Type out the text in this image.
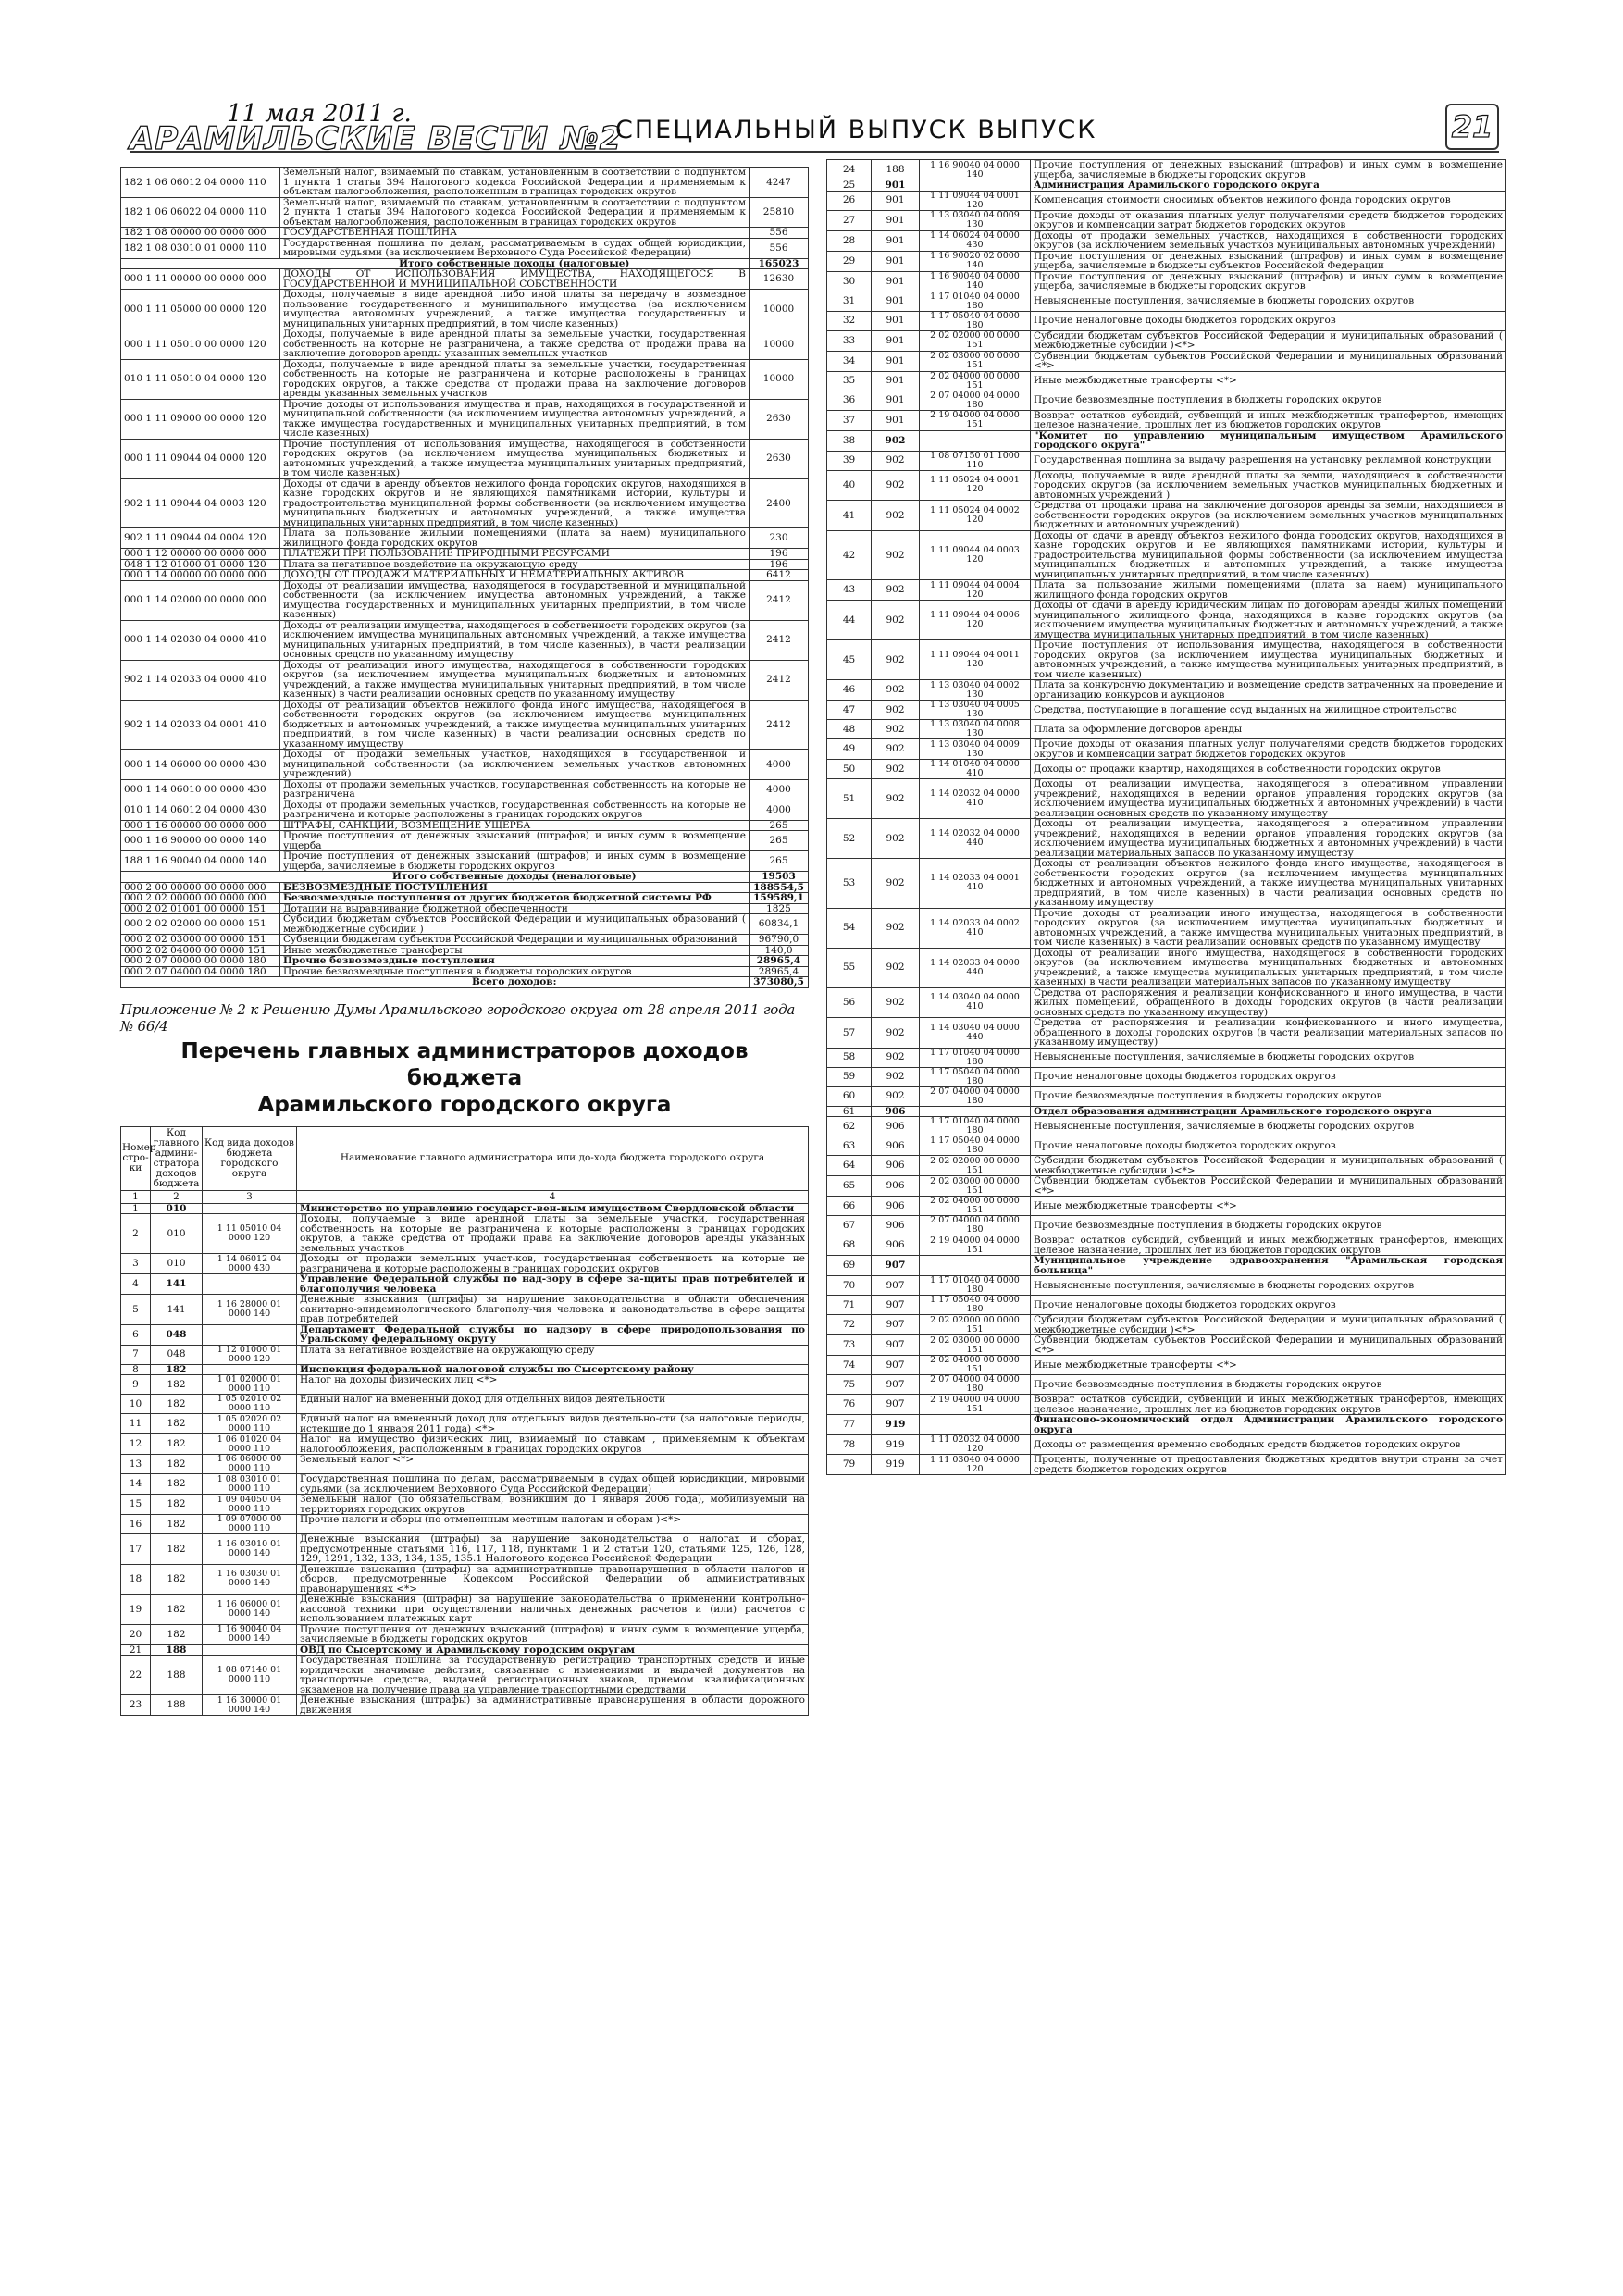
11 мая 2011 г.
АРАМИЛЬСКИЕ ВЕСТИ №2
СПЕЦИАЛЬНЫЙ ВЫПУСК ВЫПУСК	21
182 1 06 06012 04 0000 110	Земельный налог, взимаемый по ставкам, установленным в соответствии с подпунктом 1 пункта 1 статьи 394 Налогового кодекса Российской Федерации и применяемым к объектам налогообложения, расположенным в границах городских округов	4247
182 1 06 06022 04 0000 110	Земельный налог, взимаемый по ставкам, установленным в соответствии с подпунктом 2 пункта 1 статьи 394 Налогового кодекса Российской Федерации и применяемым к объектам налогообложения, расположенным в границах городских округов	25810
182 1 08 00000 00 0000 000	ГОСУДАРСТВЕННАЯ ПОШЛИНА	556
182 1 08 03010 01 0000 110	Государственная пошлина по делам, рассматриваемым в судах общей юрисдикции, мировыми судьями (за исключением Верховного Суда Российской Федерации)	556
	Итого собственные доходы (налоговые)	165023
000 1 11 00000 00 0000 000	ДОХОДЫ ОТ ИСПОЛЬЗОВАНИЯ ИМУЩЕСТВА, НАХОДЯЩЕГОСЯ В ГОСУДАРСТВЕННОЙ И МУНИЦИПАЛЬНОЙ СОБСТВЕННОСТИ	12630
000 1 11 05000 00 0000 120	Доходы, получаемые в виде арендной либо иной платы за передачу в возмездное пользование государственного и муниципального имущества (за исключением имущества автономных учреждений, а также имущества государственных и муниципальных унитарных предприятий, в том числе казенных)	10000
000 1 11 05010 00 0000 120	Доходы, получаемые в виде арендной платы за земельные участки, государственная собственность на которые не разграничена, а также средства от продажи права на заключение договоров аренды указанных земельных участков	10000
010 1 11 05010 04 0000 120	Доходы, получаемые в виде арендной платы за земельные участки, государственная собственность на которые не разграничена и которые расположены в границах городских округов, а также средства от продажи права на заключение договоров аренды указанных земельных участков	10000
000 1 11 09000 00 0000 120	Прочие доходы от использования имущества и прав, находящихся в государственной и муниципальной собственности (за исключением имущества автономных учреждений, а также имущества государственных и муниципальных унитарных предприятий, в том числе казенных)	2630
000 1 11 09044 04 0000 120	Прочие поступления от использования имущества, находящегося в собственности городских округов (за исключением имущества муниципальных бюджетных и автономных учреждений, а также имущества муниципальных унитарных предприятий, в том числе казенных)	2630
902 1 11 09044 04 0003 120	Доходы от сдачи в аренду объектов нежилого фонда городских округов, находящихся в казне городских округов и не являющихся памятниками истории, культуры и градостроительства муниципальной формы собственности (за исключением имущества муниципальных бюджетных и автономных учреждений, а также имущества муниципальных унитарных предприятий, в том числе казенных)	2400
902 1 11 09044 04 0004 120	Плата за пользование жилыми помещениями (плата за наем) муниципального жилищного фонда городских округов	230
000 1 12 00000 00 0000 000	ПЛАТЕЖИ ПРИ ПОЛЬЗОВАНИЕ ПРИРОДНЫМИ РЕСУРСАМИ	196
048 1 12 01000 01 0000 120	Плата за негативное воздействие на окружающую среду	196
000 1 14 00000 00 0000 000	ДОХОДЫ ОТ ПРОДАЖИ МАТЕРИАЛЬНЫХ И НЕМАТЕРИАЛЬНЫХ АКТИВОВ	6412
000 1 14 02000 00 0000 000	Доходы от реализации имущества, находящегося в государственной и муниципальной собственности (за исключением имущества автономных учреждений, а также имущества государственных и муниципальных унитарных предприятий, в том числе казенных)	2412
000 1 14 02030 04 0000 410	Доходы от реализации имущества, находящегося в собственности городских округов (за исключением имущества муниципальных автономных учреждений, а также имущества муниципальных унитарных предприятий, в том числе казенных), в части реализации основных средств по указанному имуществу	2412
902 1 14 02033 04 0000 410	Доходы от реализации иного имущества, находящегося в собственности городских округов (за исключением имущества муниципальных бюджетных и автономных учреждений, а также имущества муниципальных унитарных предприятий, в том числе казенных) в части реализации основных средств по указанному имуществу	2412
902 1 14 02033 04 0001 410	Доходы от реализации объектов нежилого фонда иного имущества, находящегося в собственности городских округов (за исключением имущества муниципальных бюджетных и автономных учреждений, а также имущества муниципальных унитарных предприятий, в том числе казенных) в части реализации основных средств по указанному имуществу	2412
000 1 14 06000 00 0000 430	Доходы от продажи земельных участков, находящихся в государственной и муниципальной собственности (за исключением земельных участков автономных учреждений)	4000
000 1 14 06010 00 0000 430	Доходы от продажи земельных участков, государственная собственность на которые не разграничена	4000
010 1 14 06012 04 0000 430	Доходы от продажи земельных участков, государственная собственность на которые не разграничена и которые расположены в границах городских округов	4000
000 1 16 00000 00 0000 000	ШТРАФЫ, САНКЦИИ, ВОЗМЕЩЕНИЕ УЩЕРБА	265
000 1 16 90000 00 0000 140	Прочие поступления от денежных взысканий (штрафов) и иных сумм в возмещение ущерба	265
188 1 16 90040 04 0000 140	Прочие поступления от денежных взысканий (штрафов) и иных сумм в возмещение ущерба, зачисляемые в бюджеты городских округов	265
	Итого собственные доходы (неналоговые)	19503
000 2 00 00000 00 0000 000	БЕЗВОЗМЕЗДНЫЕ ПОСТУПЛЕНИЯ	188554,5
000 2 02 00000 00 0000 000	Безвозмездные поступления от других бюджетов бюджетной системы РФ	159589,1
000 2 02 01001 00 0000 151	Дотации на выравнивание бюджетной обеспеченности	1825
000 2 02 02000 00 0000 151	Субсидии бюджетам субъектов Российской Федерации и муниципальных образований ( межбюджетные субсидии )	60834,1
000 2 02 03000 00 0000 151	Субвенции бюджетам субъектов Российской Федерации и муниципальных образований	96790,0
000 2 02 04000 00 0000 151	Иные межбюджетные трансферты	140,0
000 2 07 00000 00 0000 180	Прочие безвозмездные поступления	28965,4
000 2 07 04000 04 0000 180	Прочие безвозмездные поступления в бюджеты городских округов	28965,4
	Всего доходов:	373080,5
Приложение № 2 к Решению Думы Арамильского городского округа от 28 апреля 2011 года № 66/4
Перечень главных администраторов доходов бюджета
Арамильского городского округа
Номер стро-ки	Код главного админи-стратора доходов бюджета	Код вида доходов бюджета городского округа	Наименование главного администратора или до-хода бюджета городского округа
1	2	3	4
1	010		Министерство по управлению государст-вен-ным имуществом Свердловской области
2	010	1 11 05010 04 0000 120	Доходы, получаемые в виде арендной платы за земельные участки, государственная собственность на которые не разграничена и которые расположены в границах городских округов, а также средства от продажи права на заключение договоров аренды указанных земельных участков
3	010	1 14 06012 04 0000 430	Доходы от продажи земельных участ-ков, государственная собственность на которые не разграничена и которые расположены в границах городских округов
4	141		Управление Федеральной службы по над-зору в сфере за-щиты прав потребителей и благополучия человека
5	141	1 16 28000 01 0000 140	Денежные взыскания (штрафы) за нарушение законодательства в области обеспечения санитарно-эпидемиологического благополу-чия человека и законодательства в сфере защиты прав потребителей
6	048		Департамент Федеральной службы по надзору в сфере природопользования по Уральскому федеральному округу
7	048	1 12 01000 01 0000 120	Плата за негативное воздействие на окружающую среду
8	182		Инспекция федеральной налоговой службы по Сысертскому району
9	182	1 01 02000 01 0000 110	Налог на доходы физических лиц <*>
10	182	1 05 02010 02 0000 110	Единый налог на вмененный доход для отдельных видов деятельности
11	182	1 05 02020 02 0000 110	Единый налог на вмененный доход для отдельных видов деятельно-сти (за налоговые периоды, истекшие до 1 января 2011 года) <*>
12	182	1 06 01020 04 0000 110	Налог на имущество физических лиц, взимаемый по ставкам , применяемым к объектам налогообложения, расположенным в границах городских округов
13	182	1 06 06000 00 0000 110	Земельный налог <*>
14	182	1 08 03010 01 0000 110	Государственная пошлина по делам, рассматриваемым в судах общей юрисдикции, мировыми судьями (за исключением Верховного Суда Российской Федерации)
15	182	1 09 04050 04 0000 110	Земельный налог (по обязательствам, возникшим до 1 января 2006 года), мобилизуемый на территориях городских округов
16	182	1 09 07000 00 0000 110	Прочие налоги и сборы (по отмененным местным налогам и сборам )<*>
17	182	1 16 03010 01 0000 140	Денежные взыскания (штрафы) за нарушение законодательства о налогах и сборах, предусмотренные статьями 116, 117, 118, пунктами 1 и 2 статьи 120, статьями 125, 126, 128, 129, 1291, 132, 133, 134, 135, 135.1 Налогового кодекса Российской Федерации
18	182	1 16 03030 01 0000 140	Денежные взыскания (штрафы) за административные правонарушения в области налогов и сборов, предусмотренные Кодексом Российской Федерации об административных правонарушениях <*>
19	182	1 16 06000 01 0000 140	Денежные взыскания (штрафы) за нарушение законодательства о применении контрольно-кассовой техники при осуществлении наличных денежных расчетов и (или) расчетов с использованием платежных карт
20	182	1 16 90040 04 0000 140	Прочие поступления от денежных взысканий (штрафов) и иных сумм в возмещение ущерба, зачисляемые в бюджеты городских округов
21	188		ОВД по Сысертскому и Арамильскому городским округам
22	188	1 08 07140 01 0000 110	Государственная пошлина за государственную регистрацию транспортных средств и иные юридически значимые действия, связанные с изменениями и выдачей документов на транспортные средства, выдачей регистрационных знаков, приемом квалификационных экзаменов на получение права на управление транспортными средствами
23	188	1 16 30000 01 0000 140	Денежные взыскания (штрафы) за административные правонарушения в области дорожного движения
24	188	1 16 90040 04 0000 140	Прочие поступления от денежных взысканий (штрафов) и иных сумм в возмещение ущерба, зачисляемые в бюджеты городских округов
25	901		Администрация Арамильского городского округа
26	901	1 11 09044 04 0001 120	Компенсация стоимости сносимых объектов нежилого фонда городских округов
27	901	1 13 03040 04 0009 130	Прочие доходы от оказания платных услуг получателями средств бюджетов городских округов и компенсации затрат бюджетов городских округов
28	901	1 14 06024 04 0000 430	Доходы от продажи земельных участков, находящихся в собственности городских округов (за исключением земельных участков муниципальных автономных учреждений)
29	901	1 16 90020 02 0000 140	Прочие поступления от денежных взысканий (штрафов) и иных сумм в возмещение ущерба, зачисляемые в бюджеты субъектов Российской Федерации
30	901	1 16 90040 04 0000 140	Прочие поступления от денежных взысканий (штрафов) и иных сумм в возмещение ущерба, зачисляемые в бюджеты городских округов
31	901	1 17 01040 04 0000 180	Невыясненные поступления, зачисляемые в бюджеты городских округов
32	901	1 17 05040 04 0000 180	Прочие неналоговые доходы бюджетов городских округов
33	901	2 02 02000 00 0000 151	Субсидии бюджетам субъектов Российской Федерации и муниципальных образований ( межбюджетные субсидии )<*>
34	901	2 02 03000 00 0000 151	Субвенции бюджетам субъектов Российской Федерации и муниципальных образований <*>
35	901	2 02 04000 00 0000 151	Иные межбюджетные трансферты <*>
36	901	2 07 04000 04 0000 180	Прочие безвозмездные поступления в бюджеты городских округов
37	901	2 19 04000 04 0000 151	Возврат остатков субсидий, субвенций и иных межбюджетных трансфертов, имеющих целевое назначение, прошлых лет из бюджетов городских округов
38	902		"Комитет по управлению муниципальным имуществом Арамильского городского округа"
39	902	1 08 07150 01 1000 110	Государственная пошлина за выдачу разрешения на установку рекламной конструкции
40	902	1 11 05024 04 0001 120	Доходы, получаемые в виде арендной платы за земли, находящиеся в собственности городских округов (за исключением земельных участков муниципальных бюджетных и автономных учреждений )
41	902	1 11 05024 04 0002 120	Средства от продажи права на заключение договоров аренды за земли, находящиеся в собственности городских округов (за исключением земельных участков муниципальных бюджетных и автономных учреждений)
42	902	1 11 09044 04 0003 120	Доходы от сдачи в аренду объектов нежилого фонда городских округов, находящихся в казне городских округов и не являющихся памятниками истории, культуры и градостроительства муниципальной формы собственности (за исключением имущества муниципальных бюджетных и автономных учреждений, а также имущества муниципальных унитарных предприятий, в том числе казенных)
43	902	1 11 09044 04 0004 120	Плата за пользование жилыми помещениями (плата за наем) муниципального жилищного фонда городских округов
44	902	1 11 09044 04 0006 120	Доходы от сдачи в аренду юридическим лицам по договорам аренды жилых помещений муниципального жилищного фонда, находящихся в казне городских округов (за исключением имущества муниципальных бюджетных и автономных учреждений, а также имущества муниципальных унитарных предприятий, в том числе казенных)
45	902	1 11 09044 04 0011 120	Прочие поступления от использования имущества, находящегося в собственности городских округов (за исключением имущества муниципальных бюджетных и автономных учреждений, а также имущества муниципальных унитарных предприятий, в том числе казенных)
46	902	1 13 03040 04 0002 130	Плата за конкурсную документацию и возмещение средств затраченных на проведение и организацию конкурсов и аукционов
47	902	1 13 03040 04 0005 130	Средства, поступающие в погашение ссуд выданных на жилищное строительство
48	902	1 13 03040 04 0008 130	Плата за оформление договоров аренды
49	902	1 13 03040 04 0009 130	Прочие доходы от оказания платных услуг получателями средств бюджетов городских округов и компенсации затрат бюджетов городских округов
50	902	1 14 01040 04 0000 410	Доходы от продажи квартир, находящихся в собственности городских округов
51	902	1 14 02032 04 0000 410	Доходы от реализации имущества, находящегося в оперативном управлении учреждений, находящихся в ведении органов управления городских округов (за исключением имущества муниципальных бюджетных и автономных учреждений) в части реализации основных средств по указанному имуществу
52	902	1 14 02032 04 0000 440	Доходы от реализации имущества, находящегося в оперативном управлении учреждений, находящихся в ведении органов управления городских округов (за исключением имущества муниципальных бюджетных и автономных учреждений) в части реализации материальных запасов по указанному имуществу
53	902	1 14 02033 04 0001 410	Доходы от реализации объектов нежилого фонда иного имущества, находящегося в собственности городских округов (за исключением имущества муниципальных бюджетных и автономных учреждений, а также имущества муниципальных унитарных предприятий, в том числе казенных) в части реализации основных средств по указанному имуществу
54	902	1 14 02033 04 0002 410	Прочие доходы от реализации иного имущества, находящегося в собственности городских округов (за исключением имущества муниципальных бюджетных и автономных учреждений, а также имущества муниципальных унитарных предприятий, в том числе казенных) в части реализации основных средств по указанному имуществу
55	902	1 14 02033 04 0000 440	Доходы от реализации иного имущества, находящегося в собственности городских округов (за исключением имущества муниципальных бюджетных и автономных учреждений, а также имущества муниципальных унитарных предприятий, в том числе казенных) в части реализации материальных запасов по указанному имуществу
56	902	1 14 03040 04 0000 410	Средства от распоряжения и реализации конфискованного и иного имущества, в части жилых помещений, обращенного в доходы городских округов (в части реализации основных средств по указанному имуществу)
57	902	1 14 03040 04 0000 440	Средства от распоряжения и реализации конфискованного и иного имущества, обращенного в доходы городских округов (в части реализации материальных запасов по указанному имуществу)
58	902	1 17 01040 04 0000 180	Невыясненные поступления, зачисляемые в бюджеты городских округов
59	902	1 17 05040 04 0000 180	Прочие неналоговые доходы бюджетов городских округов
60	902	2 07 04000 04 0000 180	Прочие безвозмездные поступления в бюджеты городских округов
61	906		Отдел образования администрации Арамильского городского округа
62	906	1 17 01040 04 0000 180	Невыясненные поступления, зачисляемые в бюджеты городских округов
63	906	1 17 05040 04 0000 180	Прочие неналоговые доходы бюджетов городских округов
64	906	2 02 02000 00 0000 151	Субсидии бюджетам субъектов Российской Федерации и муниципальных образований ( межбюджетные субсидии )<*>
65	906	2 02 03000 00 0000 151	Субвенции бюджетам субъектов Российской Федерации и муниципальных образований <*>
66	906	2 02 04000 00 0000 151	Иные межбюджетные трансферты <*>
67	906	2 07 04000 04 0000 180	Прочие безвозмездные поступления в бюджеты городских округов
68	906	2 19 04000 04 0000 151	Возврат остатков субсидий, субвенций и иных межбюджетных трансфертов, имеющих целевое назначение, прошлых лет из бюджетов городских округов
69	907		Муниципальное учреждение здравоохранения "Арамильская городская больница"
70	907	1 17 01040 04 0000 180	Невыясненные поступления, зачисляемые в бюджеты городских округов
71	907	1 17 05040 04 0000 180	Прочие неналоговые доходы бюджетов городских округов
72	907	2 02 02000 00 0000 151	Субсидии бюджетам субъектов Российской Федерации и муниципальных образований ( межбюджетные субсидии )<*>
73	907	2 02 03000 00 0000 151	Субвенции бюджетам субъектов Российской Федерации и муниципальных образований <*>
74	907	2 02 04000 00 0000 151	Иные межбюджетные трансферты <*>
75	907	2 07 04000 04 0000 180	Прочие безвозмездные поступления в бюджеты городских округов
76	907	2 19 04000 04 0000 151	Возврат остатков субсидий, субвенций и иных межбюджетных трансфертов, имеющих целевое назначение, прошлых лет из бюджетов городских округов
77	919		Финансово-экономический отдел Администрации Арамильского городского округа
78	919	1 11 02032 04 0000 120	Доходы от размещения временно свободных средств бюджетов городских округов
79	919	1 11 03040 04 0000 120	Проценты, полученные от предоставления бюджетных кредитов внутри страны за счет средств бюджетов городских округов
